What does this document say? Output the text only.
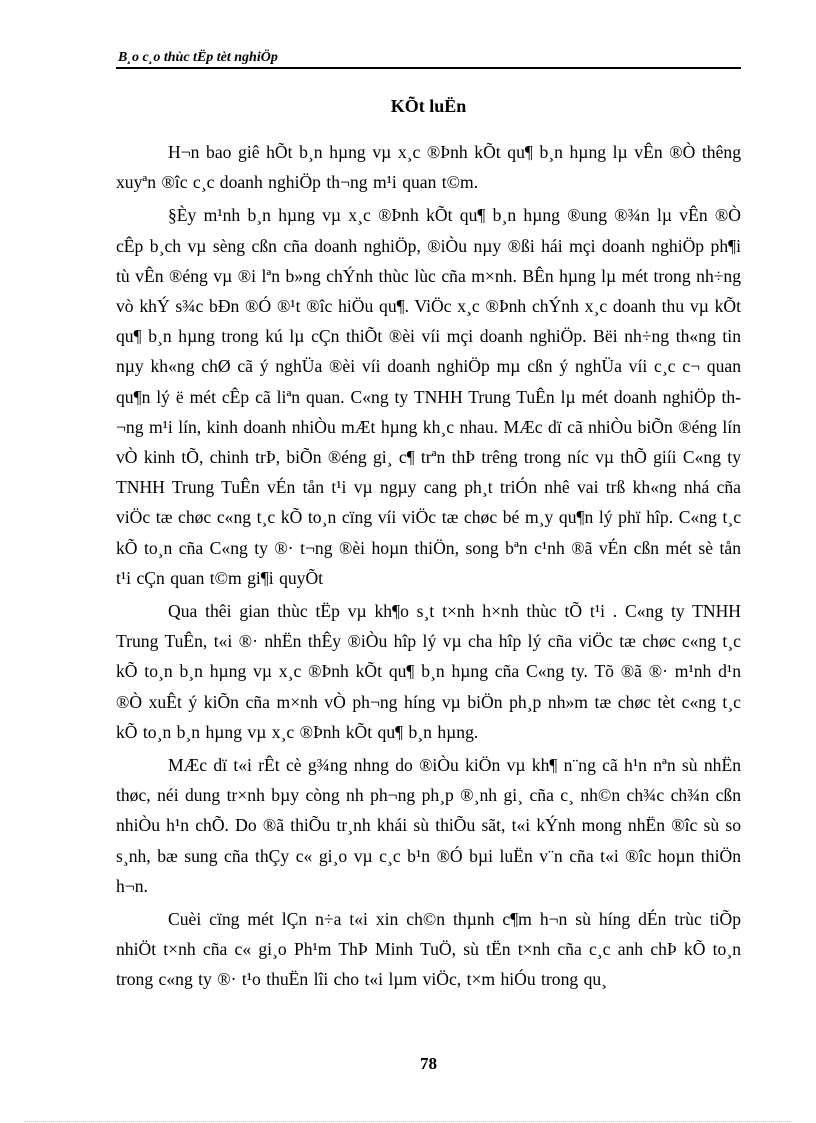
B¸o c¸o thùc tËp tèt nghiÖp
KÕt luËn

H¬n bao giê hÕt b¸n hµng vµ x¸c ®Þnh kÕt qu¶ b¸n hµng lµ vÊn ®Ò thêng xuyªn ®îc c¸c doanh nghiÖp th¬ng m¹i quan t©m.

§Èy m¹nh b¸n hµng vµ x¸c ®Þnh kÕt qu¶ b¸n hµng ®ung ®¾n lµ vÊn ®Ò cÊp b¸ch vµ sèng cßn cña doanh nghiÖp, ®iÒu nµy ®ßi hái mçi doanh nghiÖp ph¶i tù vÊn ®éng vµ ®i lªn b»ng chÝnh thùc lùc cña m×nh. BÊn hµng lµ mét trong nh÷ng vò khÝ s¾c bÐn ®Ó ®¹t ®îc hiÖu qu¶. ViÖc x¸c ®Þnh chÝnh x¸c doanh thu vµ kÕt qu¶ b¸n hµng trong kú lµ cÇn thiÕt ®èi víi mçi doanh nghiÖp. Bëi nh÷ng th«ng tin nµy kh«ng chØ cã ý nghÜa ®èi víi doanh nghiÖp mµ cßn ý nghÜa víi c¸c c¬ quan qu¶n lý ë mét cÊp cã liªn quan. C«ng ty TNHH Trung TuÊn lµ mét doanh nghiÖp th¬ng m¹i lín, kinh doanh nhiÒu mÆt hµng kh¸c nhau. MÆc dï cã nhiÒu biÕn ®éng lín vÒ kinh tÕ, chinh trÞ, biÕn ®éng gi¸ c¶ trªn thÞ trêng trong níc vµ thÕ giíi C«ng ty TNHH Trung TuÊn vÉn tån t¹i vµ ngµy cang ph¸t triÓn nhê vai trß kh«ng nhá cña viÖc tæ chøc c«ng t¸c kÕ to¸n cïng víi viÖc tæ chøc bé m¸y qu¶n lý phï hîp. C«ng t¸c kÕ to¸n cña C«ng ty ®· t¬ng ®èi hoµn thiÖn, song bªn c¹nh ®ã vÉn cßn mét sè tån t¹i cÇn quan t©m gi¶i quyÕt

Qua thêi gian thùc tËp vµ kh¶o s¸t t×nh h×nh thùc tÕ t¹i . C«ng ty TNHH Trung TuÊn, t«i ®· nhËn thÊy ®iÒu hîp lý vµ cha hîp lý cña viÖc tæ chøc c«ng t¸c kÕ to¸n b¸n hµng vµ x¸c ®Þnh kÕt qu¶ b¸n hµng cña C«ng ty. Tõ ®ã ®· m¹nh d¹n ®Ò xuÊt ý kiÕn cña m×nh vÒ ph¬ng híng vµ biÖn ph¸p nh»m tæ chøc tèt c«ng t¸c kÕ to¸n b¸n hµng vµ x¸c ®Þnh kÕt qu¶ b¸n hµng.

MÆc dï t«i rÊt cè g¾ng nhng do ®iÒu kiÖn vµ kh¶ n¨ng cã h¹n nªn sù nhËn thøc, néi dung tr×nh bµy còng nh ph¬ng ph¸p ®¸nh gi¸ cña c¸ nh©n ch¾c ch¾n cßn nhiÒu h¹n chÕ. Do ®ã thiÕu tr¸nh khái sù thiÕu sãt, t«i kÝnh mong nhËn ®îc sù so s¸nh, bæ sung cña thÇy c« gi¸o vµ c¸c b¹n ®Ó bµi luËn v¨n cña t«i ®îc hoµn thiÖn h¬n.

Cuèi cïng mét lÇn n÷a t«i xin ch©n thµnh c¶m h¬n sù híng dÉn trùc tiÕp nhiÖt t×nh cña c« gi¸o Ph¹m ThÞ Minh TuÖ, sù tËn t×nh cña c¸c anh chÞ kÕ to¸n trong c«ng ty ®· t¹o thuËn lîi cho t«i lµm viÖc, t×m hiÓu trong qu¸

78
